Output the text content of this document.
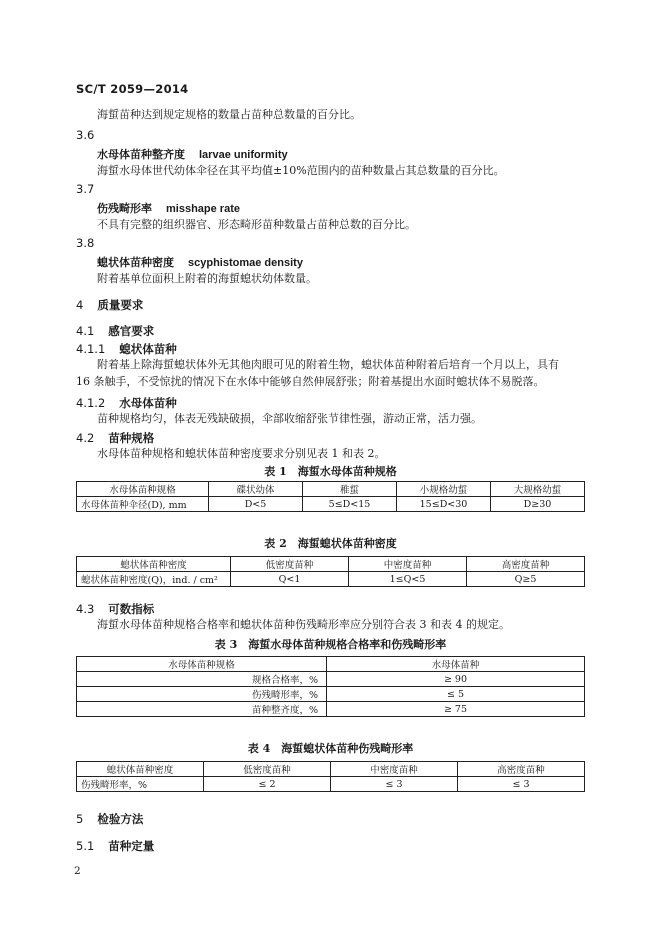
SC/T 2059—2014
海蜇苗种达到规定规格的数量占苗种总数量的百分比。
3.6
水母体苗种整齐度 larvae uniformity
海蜇水母体世代幼体伞径在其平均值±10%范围内的苗种数量占其总数量的百分比。
3.7
伤残畸形率 misshape rate
不具有完整的组织器官、形态畸形苗种数量占苗种总数的百分比。
3.8
螅状体苗种密度 scyphistomae density
附着基单位面积上附着的海蜇螅状幼体数量。
4 质量要求
4.1 感官要求
4.1.1 螅状体苗种
附着基上除海蜇螅状体外无其他肉眼可见的附着生物，螅状体苗种附着后培育一个月以上，具有
16 条触手，不受惊扰的情况下在水体中能够自然伸展舒张；附着基提出水面时螅状体不易脱落。
4.1.2 水母体苗种
苗种规格均匀，体表无残缺破损，伞部收缩舒张节律性强，游动正常，活力强。
4.2 苗种规格
水母体苗种规格和螅状体苗种密度要求分别见表 1 和表 2。
表 1　海蜇水母体苗种规格
水母体苗种规格	碟状幼体	稚蜇	小规格幼蜇	大规格幼蜇
水母体苗种伞径(D), mm	D<5	5≤D<15	15≤D<30	D≥30
表 2　海蜇螅状体苗种密度
螅状体苗种密度	低密度苗种	中密度苗种	高密度苗种
螅状体苗种密度(Q)，ind. / cm²	Q<1	1≤Q<5	Q≥5
4.3 可数指标
海蜇水母体苗种规格合格率和螅状体苗种伤残畸形率应分别符合表 3 和表 4 的规定。
表 3　海蜇水母体苗种规格合格率和伤残畸形率
水母体苗种规格	水母体苗种
规格合格率，%	≥ 90
伤残畸形率，%	≤ 5
苗种整齐度，%	≥ 75
表 4　海蜇螅状体苗种伤残畸形率
螅状体苗种密度	低密度苗种	中密度苗种	高密度苗种
伤残畸形率，%	≤ 2	≤ 3	≤ 3
5 检验方法
5.1 苗种定量
2
